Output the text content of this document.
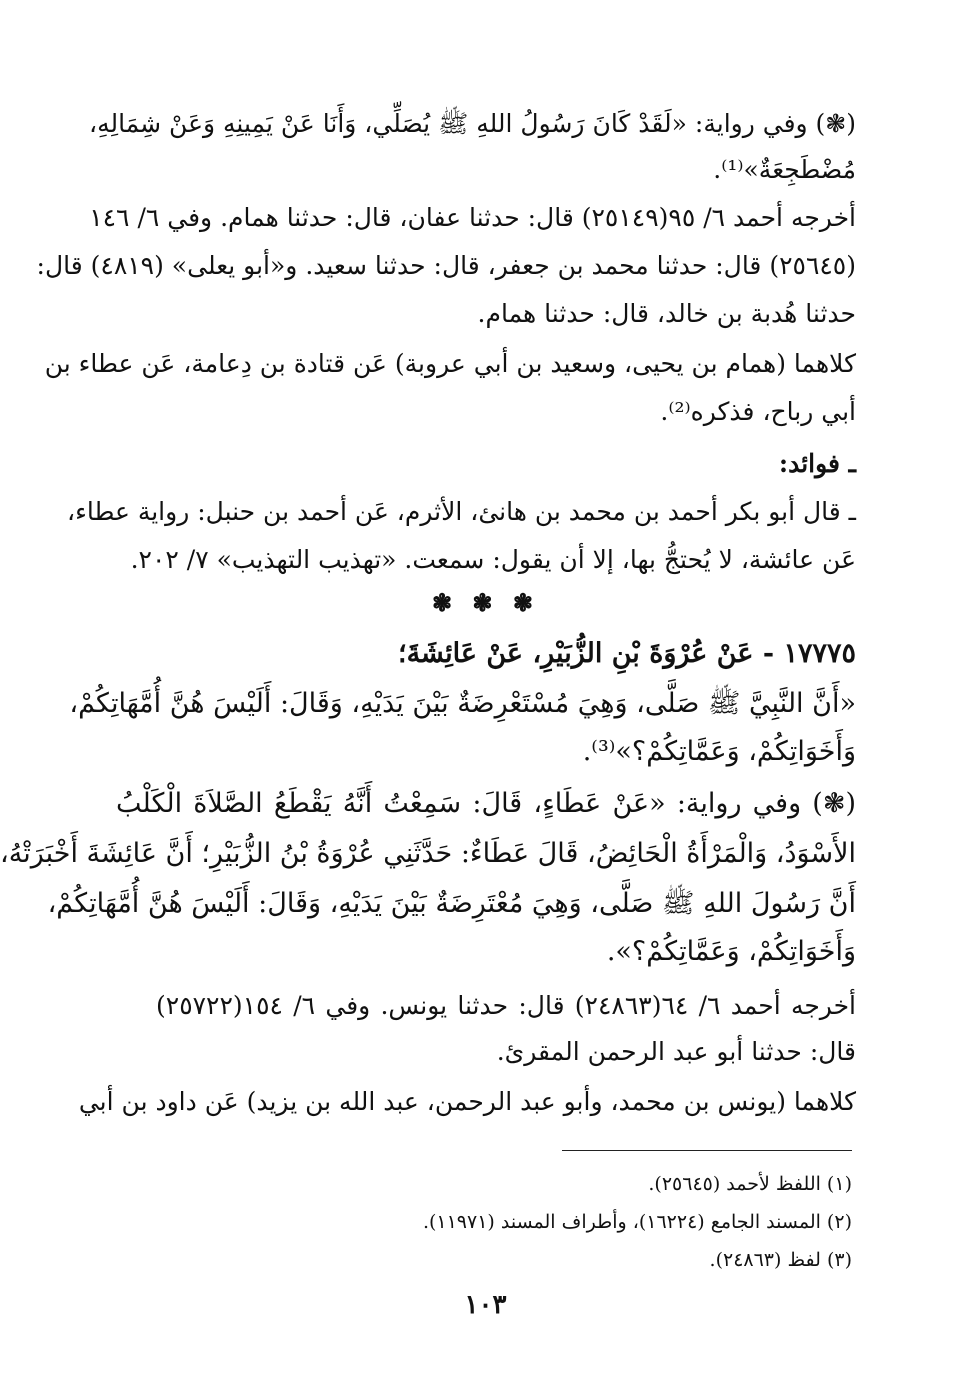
(❃) وفي رواية: «لَقَدْ كَانَ رَسُولُ اللهِ ﷺ يُصَلِّي، وَأَنَا عَنْ يَمِينِهِ وَعَنْ شِمَالِهِ،
مُضْطَجِعَةٌ»⁽¹⁾.
أخرجه أحمد ٦/ ٩٥(٢٥١٤٩) قال: حدثنا عفان، قال: حدثنا همام. وفي ٦/ ١٤٦
(٢٥٦٤٥) قال: حدثنا محمد بن جعفر، قال: حدثنا سعيد. و«أبو يعلى» (٤٨١٩) قال:
حدثنا هُدبة بن خالد، قال: حدثنا همام.
كلاهما (همام بن يحيى، وسعيد بن أبي عروبة) عَن قتادة بن دِعامة، عَن عطاء بن
أبي رباح، فذكره⁽²⁾.
ـ فوائد:
ـ قال أبو بكر أحمد بن محمد بن هانئ، الأثرم، عَن أحمد بن حنبل: رواية عطاء،
عَن عائشة، لا يُحتجُّ بها، إلا أن يقول: سمعت. «تهذيب التهذيب» ٧/ ٢٠٢.
❃ ❃ ❃
١٧٧٧٥ - عَنْ عُرْوَةَ بْنِ الزُّبَيْرِ، عَنْ عَائِشَةَ؛
«أَنَّ النَّبِيَّ ﷺ صَلَّى، وَهِيَ مُسْتَعْرِضَةٌ بَيْنَ يَدَيْهِ، وَقَالَ: أَلَيْسَ هُنَّ أُمَّهَاتِكُمْ،
وَأَخَوَاتِكُمْ، وَعَمَّاتِكُمْ؟»⁽³⁾.
(❃) وفي رواية: «عَنْ عَطَاءٍ، قَالَ: سَمِعْتُ أَنَّهُ يَقْطَعُ الصَّلاَةَ الْكَلْبُ
الأَسْوَدُ، وَالْمَرْأَةُ الْحَائِضُ، قَالَ عَطَاءٌ: حَدَّثَنِي عُرْوَةُ بْنُ الزُّبَيْرِ؛ أَنَّ عَائِشَةَ أَخْبَرَتْهُ،
أَنَّ رَسُولَ اللهِ ﷺ صَلَّى، وَهِيَ مُعْتَرِضَةٌ بَيْنَ يَدَيْهِ، وَقَالَ: أَلَيْسَ هُنَّ أُمَّهَاتِكُمْ،
وَأَخَوَاتِكُمْ، وَعَمَّاتِكُمْ؟».
أخرجه أحمد ٦/ ٦٤(٢٤٨٦٣) قال: حدثنا يونس. وفي ٦/ ١٥٤(٢٥٧٢٢)
قال: حدثنا أبو عبد الرحمن المقرئ.
كلاهما (يونس بن محمد، وأبو عبد الرحمن، عبد الله بن يزيد) عَن داود بن أبي
(١) اللفظ لأحمد (٢٥٦٤٥).
(٢) المسند الجامع (١٦٢٢٤)، وأطراف المسند (١١٩٧١).
(٣) لفظ (٢٤٨٦٣).
١٠٣
